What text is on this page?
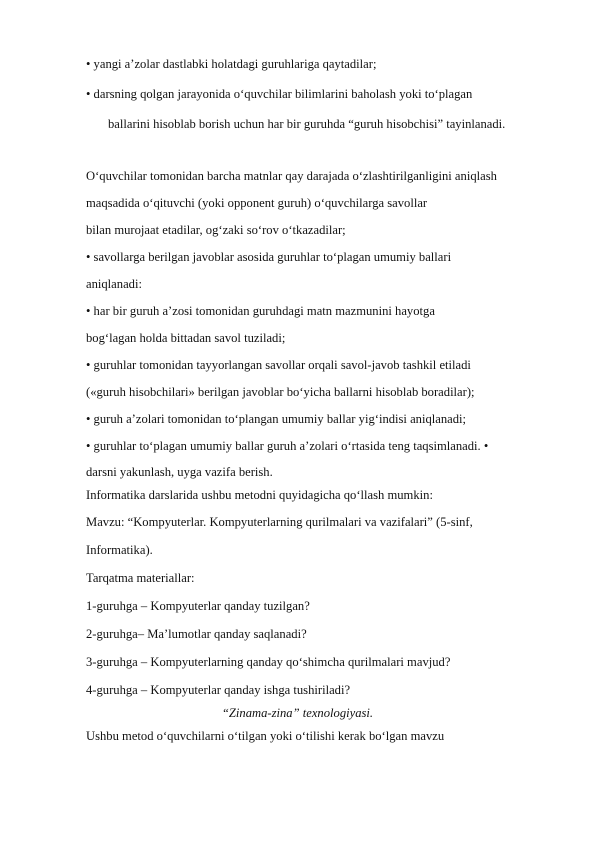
• yangi a’zolar dastlabki holatdagi guruhlariga qaytadilar;
• darsning qolgan jarayonida o‘quvchilar bilimlarini baholash yoki to‘plagan
ballarini hisoblab borish uchun har bir guruhda “guruh hisobchisi” tayinlanadi.
O‘quvchilar tomonidan barcha matnlar qay darajada o‘zlashtirilganligini aniqlash
maqsadida o‘qituvchi (yoki opponent guruh) o‘quvchilarga savollar
bilan murojaat etadilar, og‘zaki so‘rov o‘tkazadilar;
• savollarga berilgan javoblar asosida guruhlar to‘plagan umumiy ballari
aniqlanadi:
• har bir guruh a’zosi tomonidan guruhdagi matn mazmunini hayotga
bog‘lagan holda bittadan savol tuziladi;
• guruhlar tomonidan tayyorlangan savollar orqali savol-javob tashkil etiladi
(«guruh hisobchilari» berilgan javoblar bo‘yicha ballarni hisoblab boradilar);
• guruh a’zolari tomonidan to‘plangan umumiy ballar yig‘indisi aniqlanadi;
• guruhlar to‘plagan umumiy ballar guruh a’zolari o‘rtasida teng taqsimlanadi. •
darsni yakunlash, uyga vazifa berish.
Informatika darslarida ushbu metodni quyidagicha qo‘llash mumkin:
Mavzu: “Kompyuterlar. Kompyuterlarning qurilmalari va vazifalari” (5-sinf,
Informatika).
Tarqatma materiallar:
1-guruhga – Kompyuterlar qanday tuzilgan?
2-guruhga– Ma’lumotlar qanday saqlanadi?
3-guruhga – Kompyuterlarning qanday qo‘shimcha qurilmalari mavjud?
4-guruhga – Kompyuterlar qanday ishga tushiriladi?
“Zinama-zina” texnologiyasi.
Ushbu metod o‘quvchilarni o‘tilgan yoki o‘tilishi kerak bo‘lgan mavzu
